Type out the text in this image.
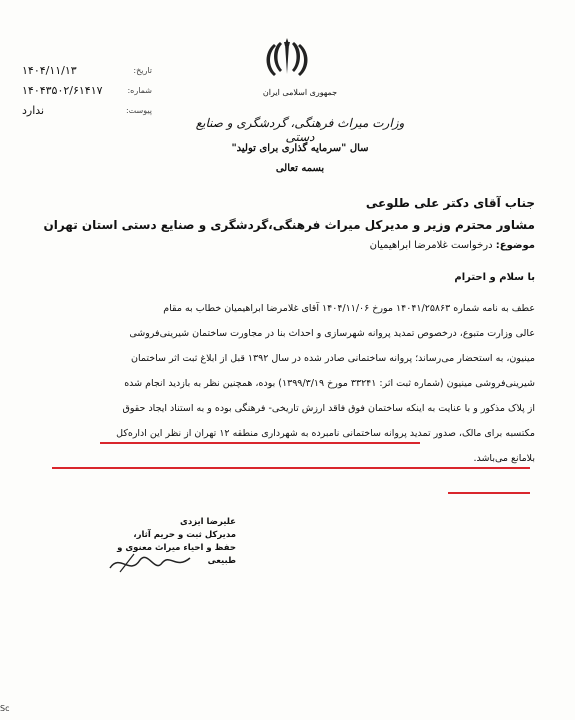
تاریخ:
۱۴۰۴/۱۱/۱۳
شماره:
۱۴۰۴۳۵۰۲/۶۱۴۱۷
پیوست:
ندارد
جمهوری اسلامی ایران
وزارت میراث فرهنگی، گردشگری و صنایع دستی
سال "سرمایه گذاری برای تولید"
بسمه تعالی
جناب آقای دکتر علی طلوعی
مشاور محترم وزیر و مدیرکل میراث فرهنگی،گردشگری و صنایع دستی استان تهران
موضوع: درخواست غلامرضا ابراهیمیان
با سلام و احترام
عطف به نامه شماره ۱۴۰۴۱/۲۵۸۶۳ مورخ ۱۴۰۴/۱۱/۰۶ آقای غلامرضا ابراهیمیان خطاب به مقام
عالی وزارت متبوع، درخصوص تمدید پروانه شهرسازی و احداث بنا در مجاورت ساختمان شیرینی‌فروشی
مینیون، به استحضار می‌رساند؛ پروانه ساختمانی صادر شده در سال ۱۳۹۲ قبل از ابلاغ ثبت اثر ساختمان
شیرینی‌فروشی مینیون (شماره ثبت اثر: ۳۳۲۴۱ مورخ ۱۳۹۹/۳/۱۹) بوده، همچنین نظر به بازدید انجام شده
از پلاک مذکور و با عنایت به اینکه ساختمان فوق فاقد ارزش تاریخی- فرهنگی بوده و به استناد ایجاد حقوق
مکتسبه برای مالک، صدور تمدید پروانه ساختمانی نامبرده به شهرداری منطقه ۱۲ تهران از نظر این اداره‌کل
بلامانع می‌باشد.
علیرضا ایزدی
مدیرکل ثبت و حریم آثار،
حفظ و احیاء میراث معنوی و طبیعی
Sc
